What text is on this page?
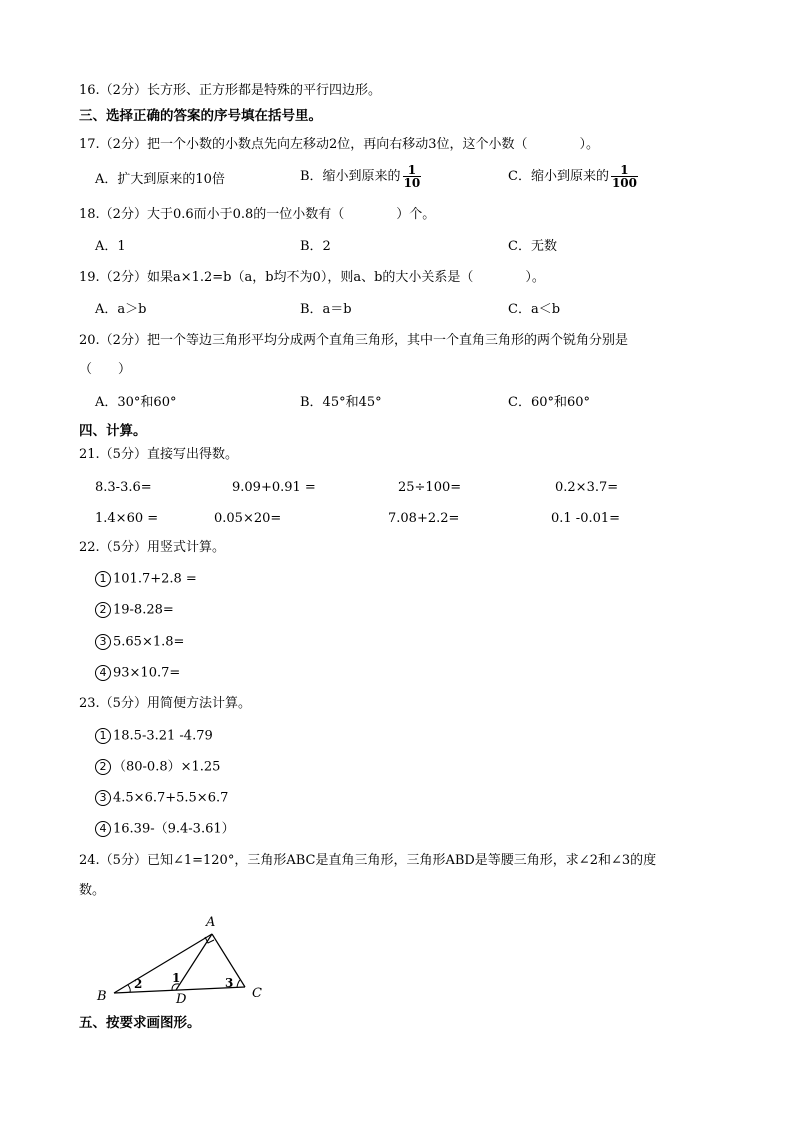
16.（2分）长方形、正方形都是特殊的平行四边形。
三、选择正确的答案的序号填在括号里。
17.（2分）把一个小数的小数点先向左移动2位，再向右移动3位，这个小数（　　　　）。
A．扩大到原来的10倍	B．缩小到原来的 $\frac{1}{10}$	C．缩小到原来的 $\frac{1}{100}$
18.（2分）大于0.6而小于0.8的一位小数有（　　　　）个。
A．1	B．2	C．无数
19.（2分）如果a×1.2=b（a，b均不为0），则a、b的大小关系是（　　　　）。
A．a＞b	B．a＝b	C．a＜b
20.（2分）把一个等边三角形平均分成两个直角三角形，其中一个直角三角形的两个锐角分别是
（　　）
A．30°和60°	B．45°和45°	C．60°和60°
四、计算。
21.（5分）直接写出得数。
8.3-3.6=	9.09+0.91 =	25÷100=	0.2×3.7=
1.4×60 =	0.05×20=	7.08+2.2=	0.1 -0.01=
22.（5分）用竖式计算。
1 101.7+2.8 =
2 19-8.28=
3 5.65×1.8=
4 93×10.7=
23.（5分）用简便方法计算。
1 18.5-3.21 -4.79
2 （80-0.8）×1.25
3 4.5×6.7+5.5×6.7
4 16.39-（9.4-3.61）
24.（5分）已知∠1=120°，三角形ABC是直角三角形，三角形ABD是等腰三角形，求∠2和∠3的度
数。
A
B	C
D
1
2	3
五、按要求画图形。
